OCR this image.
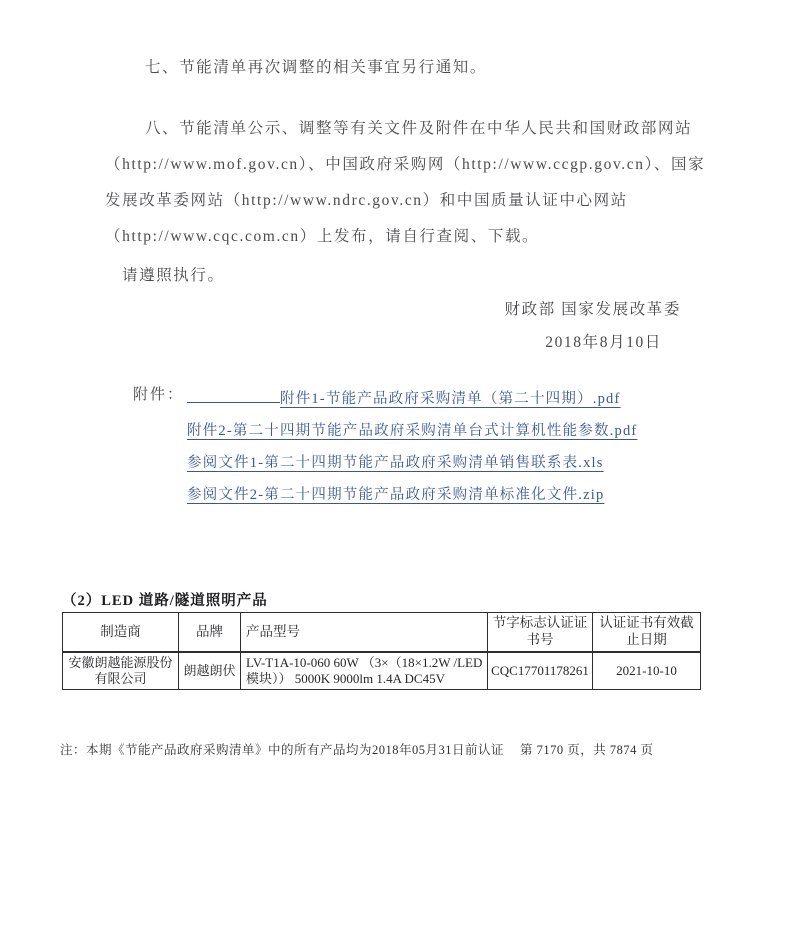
七、节能清单再次调整的相关事宜另行通知。
八、节能清单公示、调整等有关文件及附件在中华人民共和国财政部网站
（http://www.mof.gov.cn）、中国政府采购网（http://www.ccgp.gov.cn）、国家
发展改革委网站（http://www.ndrc.gov.cn）和中国质量认证中心网站
（http://www.cqc.com.cn）上发布，请自行查阅、下载。
请遵照执行。
财政部 国家发展改革委
2018年8月10日
附件：	附件1-节能产品政府采购清单（第二十四期）.pdf
附件2-第二十四期节能产品政府采购清单台式计算机性能参数.pdf
参阅文件1-第二十四期节能产品政府采购清单销售联系表.xls
参阅文件2-第二十四期节能产品政府采购清单标准化文件.zip
（2）LED 道路/隧道照明产品
制造商	品牌	产品型号	节字标志认证证书号	认证证书有效截止日期
安徽朗越能源股份有限公司	朗越朗伏	LV-T1A-10-060 60W （3×（18×1.2W /LED 模块）） 5000K 9000lm 1.4A DC45V	CQC17701178261	2021-10-10
注：本期《节能产品政府采购清单》中的所有产品均为2018年05月31日前认证 第 7170 页，共 7874 页
